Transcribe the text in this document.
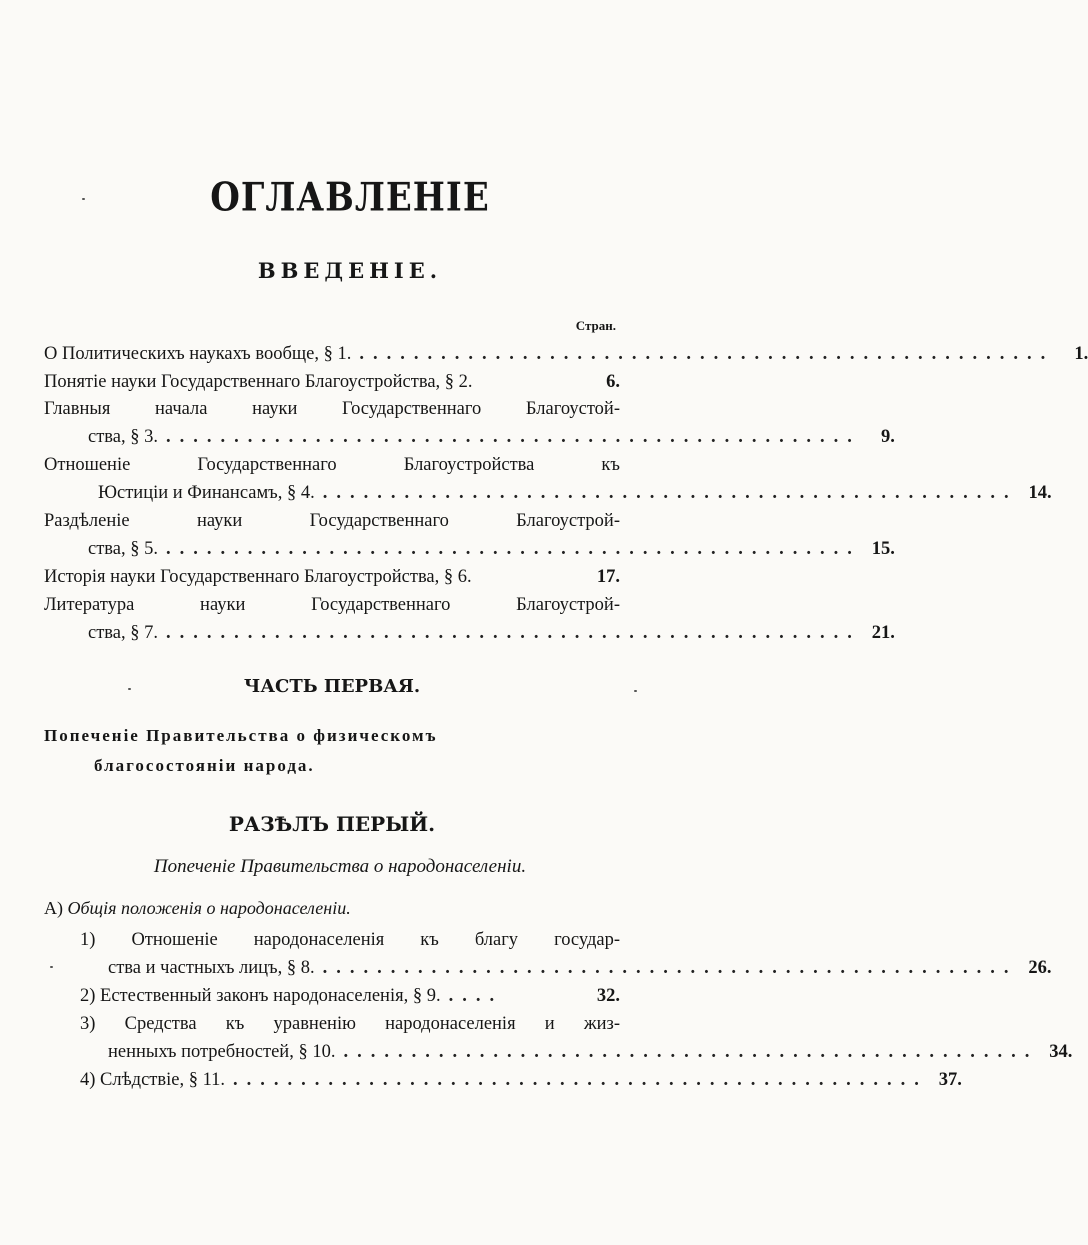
ОГЛАВЛЕНІЕ
ВВЕДЕНІЕ.
Стран.
О Политическихъ наукахъ вообще, § 1. ...................................................	1.
Понятіе науки Государственнаго Благоустройства, § 2.	6.
Главныя начала науки Государственнаго Благоустой-
ства, § 3. ...................................................	9.
Отношеніе Государственнаго Благоустройства къ
Юстиціи и Финансамъ, § 4. ................................................... 14.
Раздѣленіе науки Государственнаго Благоустрой-
ства, § 5. ................................................... 15.
Исторія науки Государственнаго Благоустройства, § 6.	17.
Литература науки Государственнаго Благоустрой-
ства, § 7. ................................................... 21.
ЧАСТЬ ПЕРВАЯ.
Попеченіе Правительства о физическомъ
благосостояніи народа.
РАЗѢЛЪ ПЕРЫЙ.
Попеченіе Правительства о народонаселеніи.
А) Общія положенія о народонаселеніи.
1) Отношеніе народонаселенія къ благу государ-
ства и частныхъ лицъ, § 8. ................................................... 26.
2) Естественный законъ народонаселенія, § 9. ....	32.
3) Средства къ уравненію народонаселенія и жиз-
ненныхъ потребностей, § 10. ................................................... 34.
4) Слѣдствіе, § 11. ................................................... 37.
